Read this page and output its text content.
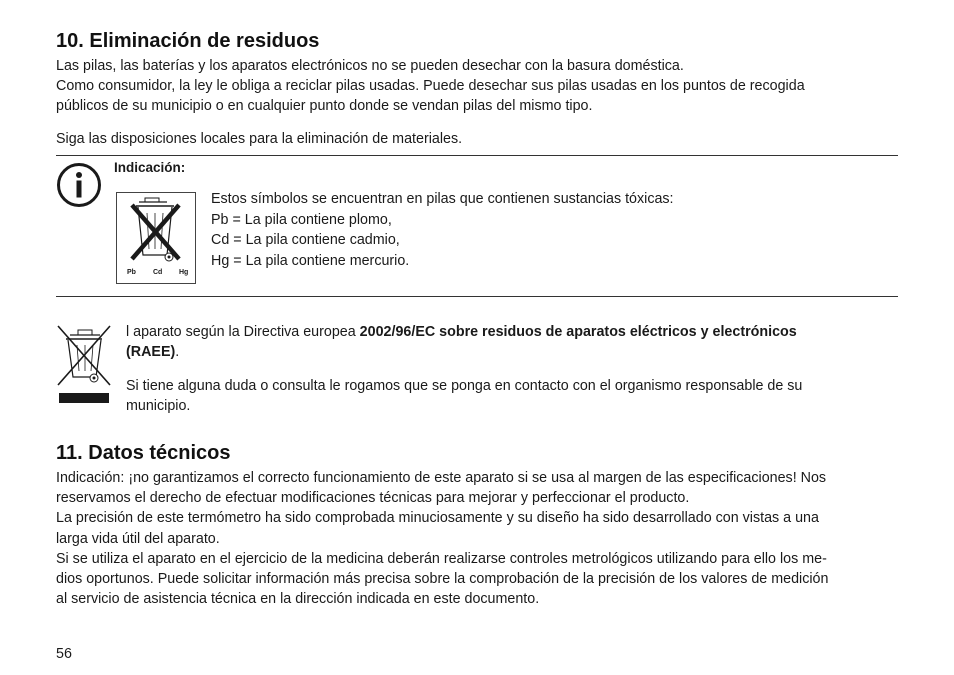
10. Eliminación de residuos

Las pilas, las baterías y los aparatos electrónicos no se pueden desechar con la basura doméstica.

Como consumidor, la ley le obliga a reciclar pilas usadas. Puede desechar sus pilas usadas en los puntos de recogida

públicos de su municipio o en cualquier punto donde se vendan pilas del mismo tipo.

Siga las disposiciones locales para la eliminación de materiales.

Indicación:
Pb Cd Hg

Estos símbolos se encuentran en pilas que contienen sustancias tóxicas:

Pb = La pila contiene plomo,

Cd = La pila contiene cadmio,

Hg = La pila contiene mercurio.

l aparato según la Directiva europea 2002/96/EC sobre residuos de aparatos eléctricos y electrónicos
(RAEE).

Si tiene alguna duda o consulta le rogamos que se ponga en contacto con el organismo responsable de su

municipio.

11. Datos técnicos

Indicación: ¡no garantizamos el correcto funcionamiento de este aparato si se usa al margen de las especificaciones! Nos

reservamos el derecho de efectuar modificaciones técnicas para mejorar y perfeccionar el producto.

La precisión de este termómetro ha sido comprobada minuciosamente y su diseño ha sido desarrollado con vistas a una

larga vida útil del aparato.

Si se utiliza el aparato en el ejercicio de la medicina deberán realizarse controles metrológicos utilizando para ello los me-

dios oportunos. Puede solicitar información más precisa sobre la comprobación de la precisión de los valores de medición

al servicio de asistencia técnica en la dirección indicada en este documento.

56
